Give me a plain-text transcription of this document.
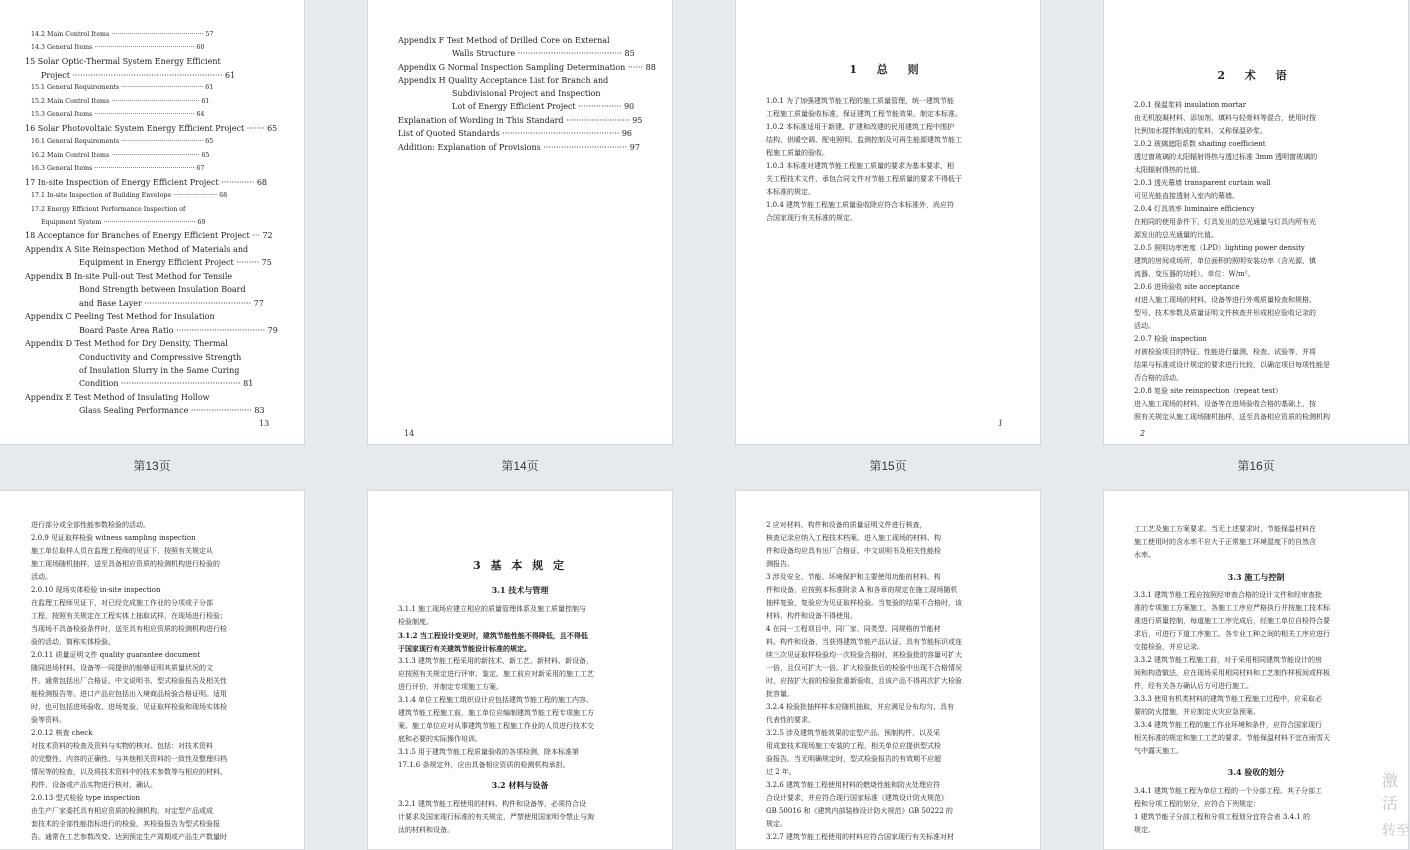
14.2 Main Control Items ·············································· 57
14.3 General Items ·················································· 60
15 Solar Optic-Thermal System Energy Efficient
Project ··························································· 61
15.1 General Requirements ········································· 61
15.2 Main Control Items ············································ 61
15.3 General Items ·················································· 64
16 Solar Photovoltaic System Energy Efficient Project ······· 65
16.1 General Requirements ········································· 65
16.2 Main Control Items ············································ 65
16.3 General Items ·················································· 67
17 In-site Inspection of Energy Efficient Project ············· 68
17.1 In-site Inspection of Building Envelope ······················ 68
17.2 Energy Efficient Performance Inspection of
Equipment System ·············································· 69
18 Acceptance for Branches of Energy Efficient Project ··· 72
Appendix A Site Reinspection Method of Materials and
Equipment in Energy Efficient Project ········· 75
Appendix B In-site Pull-out Test Method for Tensile
Bond Strength between Insulation Board
and Base Layer ·········································· 77
Appendix C Peeling Test Method for Insulation
Board Paste Area Ratio ··································· 79
Appendix D Test Method for Dry Density, Thermal
Conductivity and Compressive Strength
of Insulation Slurry in the Same Curing
Condition ··············································· 81
Appendix E Test Method of Insulating Hollow
Glass Sealing Performance ························ 83
13
Appendix F Test Method of Drilled Core on External
Walls Structure ········································· 85
Appendix G Normal Inspection Sampling Determination ······ 88
Appendix H Quality Acceptance List for Branch and
Subdivisional Project and Inspection
Lot of Energy Efficient Project ················· 90
Explanation of Wording in This Standard ························· 95
List of Quoted Standards ·············································· 96
Addition: Explanation of Provisions ································· 97
14
1 总 则
1.0.1 为了加强建筑节能工程的施工质量管理，统一建筑节能
工程施工质量验收标准，保证建筑工程节能效果，制定本标准。
1.0.2 本标准适用于新建、扩建和改建的民用建筑工程中围护
结构、供暖空调、配电照明、监测控制及可再生能源建筑节能工
程施工质量的验收。
1.0.3 本标准对建筑节能工程施工质量的要求为基本要求，相
关工程技术文件、承包合同文件对节能工程质量的要求不得低于
本标准的规定。
1.0.4 建筑节能工程施工质量验收除应符合本标准外，尚应符
合国家现行有关标准的规定。
1
2 术 语
2.0.1 保温浆料 insulation mortar
由无机胶凝材料、添加剂、填料与轻骨料等混合，使用时按
比例加水搅拌制成的浆料，又称保温砂浆。
2.0.2 玻璃遮阳系数 shading coefficient
透过窗玻璃的太阳辐射得热与透过标准 3mm 透明窗玻璃的
太阳辐射得热的比值。
2.0.3 透光幕墙 transparent curtain wall
可见光能直接透射入室内的幕墙。
2.0.4 灯具效率 luminaire efficiency
在相同的使用条件下，灯具发出的总光通量与灯具内所有光
源发出的总光通量的比值。
2.0.5 照明功率密度（LPD）lighting power density
建筑的房间或场所，单位面积的照明安装功率（含光源、镇
流器、变压器的功耗）。单位：W/m²。
2.0.6 进场验收 site acceptance
对进入施工现场的材料、设备等进行外观质量检查和规格、
型号、技术参数及质量证明文件核查并形成相应验收记录的
活动。
2.0.7 检验 inspection
对被检验项目的特征、性能进行量测、检查、试验等，并将
结果与标准或设计规定的要求进行比较，以确定项目每项性能是
否合格的活动。
2.0.8 复验 site reinspection（repeat test）
进入施工现场的材料、设备等在进场验收合格的基础上，按
照有关规定从施工现场随机抽样，送至具备相应资质的检测机构
2
第13页	第14页	第15页	第16页
进行部分或全部性能参数检验的活动。
2.0.9 见证取样检验 witness sampling inspection
施工单位取样人员在监理工程师的见证下，按照有关规定从
施工现场随机抽样，送至具备相应资质的检测机构进行检验的
活动。
2.0.10 现场实体检验 in-site inspection
在监理工程师见证下，对已经完成施工作业的分项或子分部
工程，按照有关规定在工程实体上抽取试样，在现场进行检验；
当现场不具备检验条件时，送至具有相应资质的检测机构进行检
验的活动，简称实体检验。
2.0.11 质量证明文件 quality guarantee document
随同进场材料、设备等一同提供的能够证明其质量状况的文
件。通常包括出厂合格证、中文说明书、型式检验报告及相关性
能检测报告等。进口产品应包括出入境商品检验合格证明。适用
时，也可包括进场验收、进场复验、见证取样检验和现场实体检
验等资料。
2.0.12 核查 check
对技术资料的检查及资料与实物的核对。包括：对技术资料
的完整性、内容的正确性、与其他相关资料的一致性及整理归档
情况等的检查，以及将技术资料中的技术参数等与相应的材料、
构件、设备或产品实物进行核对、确认。
2.0.13 型式检验 type inspection
由生产厂家委托具有相应资质的检测机构，对定型产品或成
套技术的全部性能指标进行的检验，其检验报告为型式检验报
告。通常在工艺参数改变、达到预定生产周期或产品生产数量时
3 基 本 规 定
3.1 技术与管理
3.2 材料与设备
3.1.1 施工现场应建立相应的质量管理体系及施工质量控制与
检验制度。
3.1.2 当工程设计变更时，建筑节能性能不得降低，且不得低
于国家现行有关建筑节能设计标准的规定。
3.1.3 建筑节能工程采用的新技术、新工艺、新材料、新设备，
应按照有关规定进行评审、鉴定。施工前应对新采用的施工工艺
进行评价，并制定专项施工方案。
3.1.4 单位工程施工组织设计应包括建筑节能工程的施工内容。
建筑节能工程施工前，施工单位应编制建筑节能工程专项施工方
案。施工单位应对从事建筑节能工程施工作业的人员进行技术交
底和必要的实际操作培训。
3.1.5 用于建筑节能工程质量验收的各项检测，除本标准第
17.1.6 条规定外，应由具备相应资质的检测机构承担。
3.2.1 建筑节能工程使用的材料、构件和设备等，必须符合设
计要求及国家现行标准的有关规定，严禁使用国家明令禁止与淘
汰的材料和设备。
2 应对材料、构件和设备的质量证明文件进行核查，
核查记录应纳入工程技术档案。进入施工现场的材料、构
件和设备均应具有出厂合格证、中文说明书及相关性能检
测报告。
3 涉及安全、节能、环境保护和主要使用功能的材料、构
件和设备，应按照本标准附录 A 和各章的规定在施工现场随机
抽样复验，复验应为见证取样检验。当复验的结果不合格时，该
材料、构件和设备不得使用。
4 在同一工程项目中，同厂家、同类型、同规格的节能材
料、构件和设备，当获得建筑节能产品认证、具有节能标识或连
续三次见证取样检验均一次检验合格时，其检验批的容量可扩大
一倍，且仅可扩大一倍。扩大检验批后的检验中出现不合格情况
时，应按扩大前的检验批重新验收，且该产品不得再次扩大检验
批容量。
3.2.4 检验批抽样样本应随机抽取，并应满足分布均匀、具有
代表性的要求。
3.2.5 涉及建筑节能效果的定型产品、预制构件，以及采
用成套技术现场施工安装的工程，相关单位应提供型式检
验报告。当无明确规定时，型式检验报告的有效期不应超
过 2 年。
3.2.6 建筑节能工程使用材料的燃烧性能和防火处理应符
合设计要求，并应符合现行国家标准《建筑设计防火规范》
GB 50016 和《建筑内部装修设计防火规范》GB 50222 的
规定。
3.2.7 建筑节能工程使用的材料应符合国家现行有关标准对材
3.3 施工与控制
3.4 验收的划分
工工艺及施工方案要求。当无上述要求时，节能保温材料在
施工使用时的含水率不应大于正常施工环境湿度下的自然含
水率。
3.3.1 建筑节能工程应按照经审查合格的设计文件和经审查批
准的专项施工方案施工，各施工工序应严格执行并按施工技术标
准进行质量控制，每道施工工序完成后，经施工单位自检符合要
求后，可进行下道工序施工。各专业工种之间的相关工序应进行
交接检验，并应记录。
3.3.2 建筑节能工程施工前，对于采用相同建筑节能设计的房
间和构造做法，应在现场采用相同材料和工艺制作样板间或样板
件，经有关各方确认后方可进行施工。
3.3.3 使用有机类材料的建筑节能工程施工过程中，应采取必
要的防火措施，并应制定火灾应急预案。
3.3.4 建筑节能工程的施工作业环境和条件，应符合国家现行
相关标准的规定和施工工艺的要求。节能保温材料不宜在雨雪天
气中露天施工。
3.4.1 建筑节能工程为单位工程的一个分部工程。其子分部工
程和分项工程的划分，应符合下列规定：
1 建筑节能子分部工程和分项工程划分宜符合表 3.4.1 的
规定。
激活
转至
